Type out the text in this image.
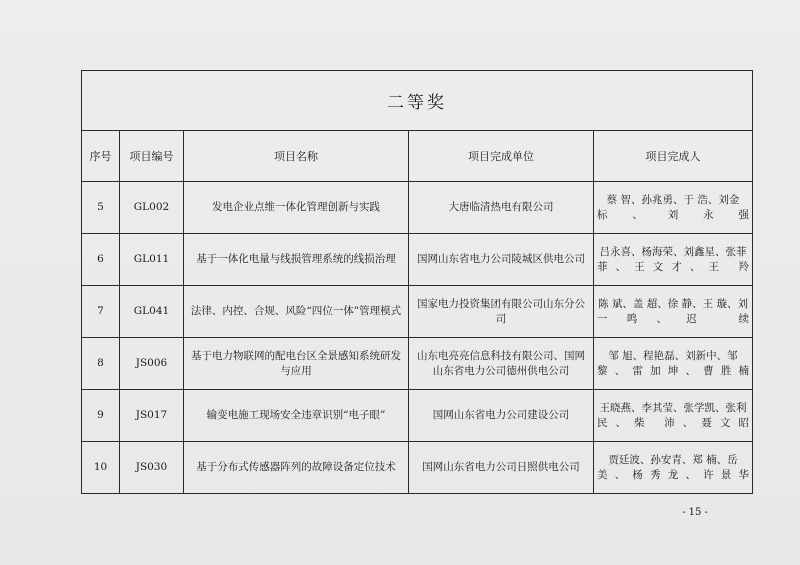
二等奖				
序号	项目编号	项目名称	项目完成单位	项目完成人
5	GL002	发电企业点维一体化管理创新与实践	大唐临清热电有限公司	蔡 智、孙兆勇、于 浩、刘金标、刘永强
6	GL011	基于一体化电量与线损管理系统的线损治理	国网山东省电力公司陵城区供电公司	吕永喜、杨海荣、刘鑫星、张菲菲、王文才、王 羚
7	GL041	法律、内控、合规、风险“四位一体”管理模式	国家电力投资集团有限公司山东分公司	陈 斌、盖 超、徐 静、王 璇、刘一鸣、迟 续
8	JS006	基于电力物联网的配电台区全景感知系统研发与应用	山东电亮亮信息科技有限公司、国网山东省电力公司德州供电公司	邹 旭、程艳磊、刘新中、邹 黎、雷加坤、曹胜楠
9	JS017	输变电施工现场安全违章识别“电子眼”	国网山东省电力公司建设公司	王晓燕、李其莹、张学凯、张利民、柴 沛、聂文昭
10	JS030	基于分布式传感器阵列的故障设备定位技术	国网山东省电力公司日照供电公司	贾廷波、孙安青、郑 楠、岳 美、杨秀龙、许景华
- 15 -
